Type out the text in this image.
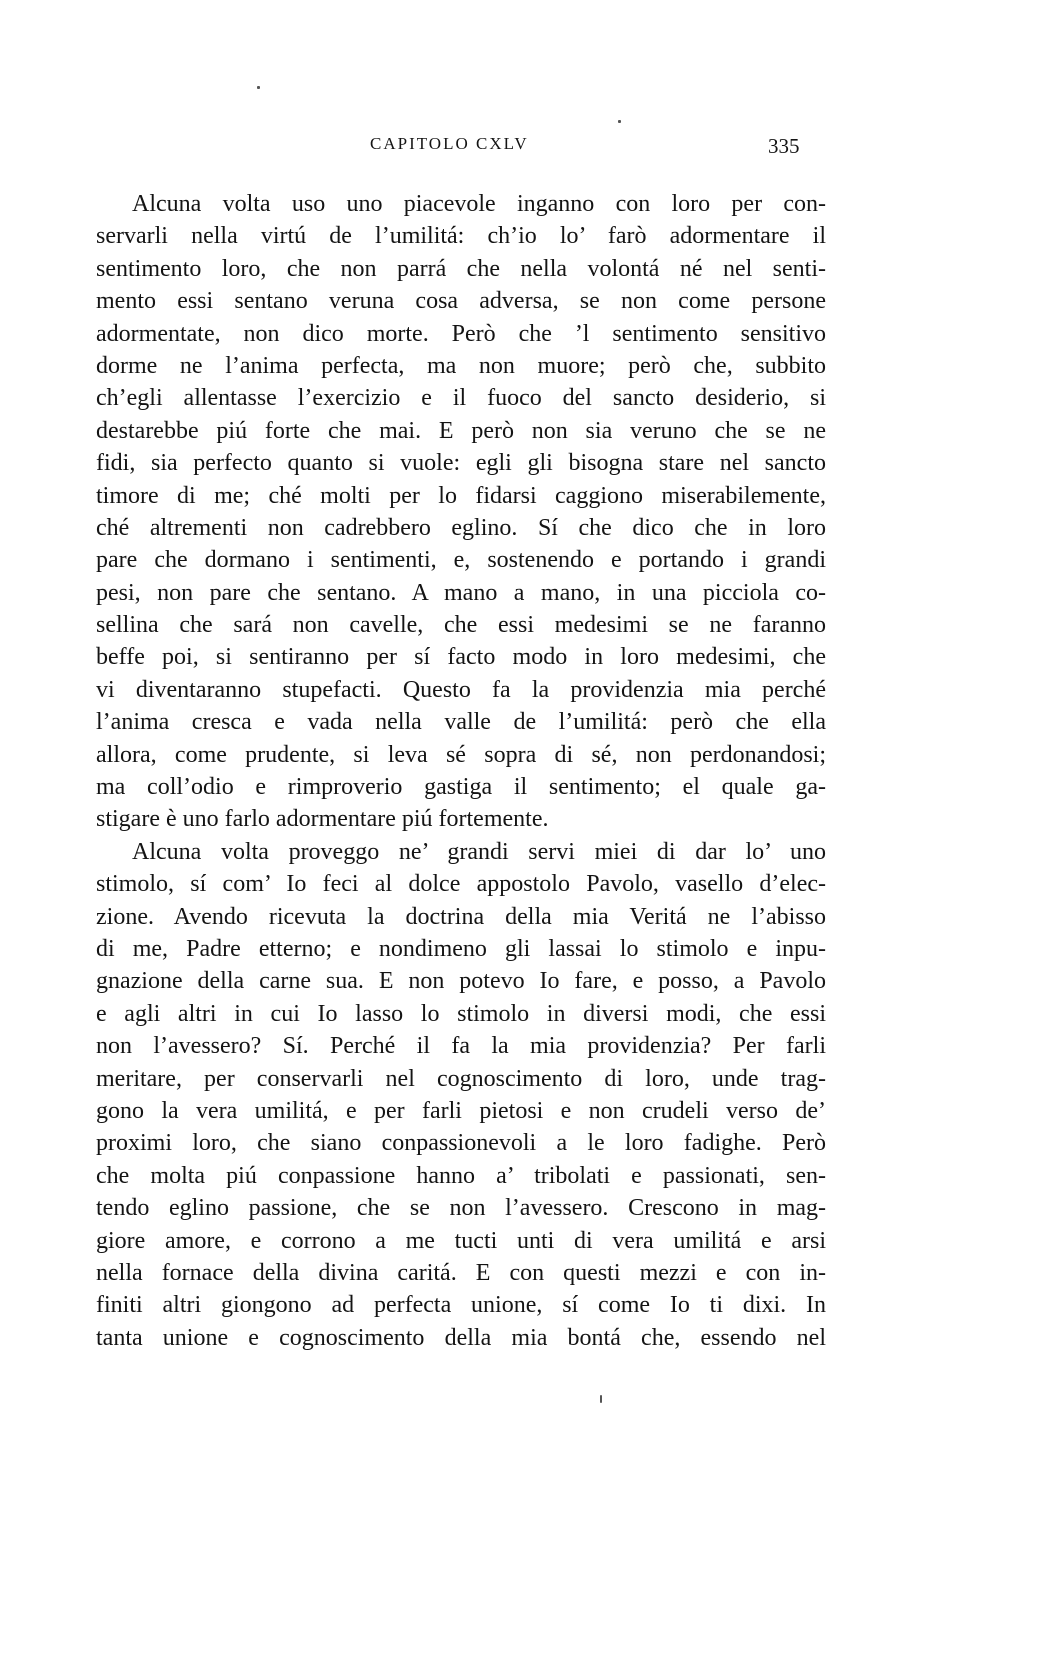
CAPITOLO CXLV	335
Alcuna volta uso uno piacevole inganno con loro per con-
servarli nella virtú de l’umilitá: ch’io lo’ farò adormentare il
sentimento loro, che non parrá che nella volontá né nel senti-
mento essi sentano veruna cosa adversa, se non come persone
adormentate, non dico morte. Però che ’l sentimento sensitivo
dorme ne l’anima perfecta, ma non muore; però che, subbito
ch’egli allentasse l’exercizio e il fuoco del sancto desiderio, si
destarebbe piú forte che mai. E però non sia veruno che se ne
fidi, sia perfecto quanto si vuole: egli gli bisogna stare nel sancto
timore di me; ché molti per lo fidarsi caggiono miserabilemente,
ché altrementi non cadrebbero eglino. Sí che dico che in loro
pare che dormano i sentimenti, e, sostenendo e portando i grandi
pesi, non pare che sentano. A mano a mano, in una picciola co-
sellina che sará non cavelle, che essi medesimi se ne faranno
beffe poi, si sentiranno per sí facto modo in loro medesimi, che
vi diventaranno stupefacti. Questo fa la providenzia mia perché
l’anima cresca e vada nella valle de l’umilitá: però che ella
allora, come prudente, si leva sé sopra di sé, non perdonandosi;
ma coll’odio e rimproverio gastiga il sentimento; el quale ga-
stigare è uno farlo adormentare piú fortemente.
Alcuna volta proveggo ne’ grandi servi miei di dar lo’ uno
stimolo, sí com’ Io feci al dolce appostolo Pavolo, vasello d’elec-
zione. Avendo ricevuta la doctrina della mia Veritá ne l’abisso
di me, Padre etterno; e nondimeno gli lassai lo stimolo e inpu-
gnazione della carne sua. E non potevo Io fare, e posso, a Pavolo
e agli altri in cui Io lasso lo stimolo in diversi modi, che essi
non l’avessero? Sí. Perché il fa la mia providenzia? Per farli
meritare, per conservarli nel cognoscimento di loro, unde trag-
gono la vera umilitá, e per farli pietosi e non crudeli verso de’
proximi loro, che siano conpassionevoli a le loro fadighe. Però
che molta piú conpassione hanno a’ tribolati e passionati, sen-
tendo eglino passione, che se non l’avessero. Crescono in mag-
giore amore, e corrono a me tucti unti di vera umilitá e arsi
nella fornace della divina caritá. E con questi mezzi e con in-
finiti altri giongono ad perfecta unione, sí come Io ti dixi. In
tanta unione e cognoscimento della mia bontá che, essendo nel
